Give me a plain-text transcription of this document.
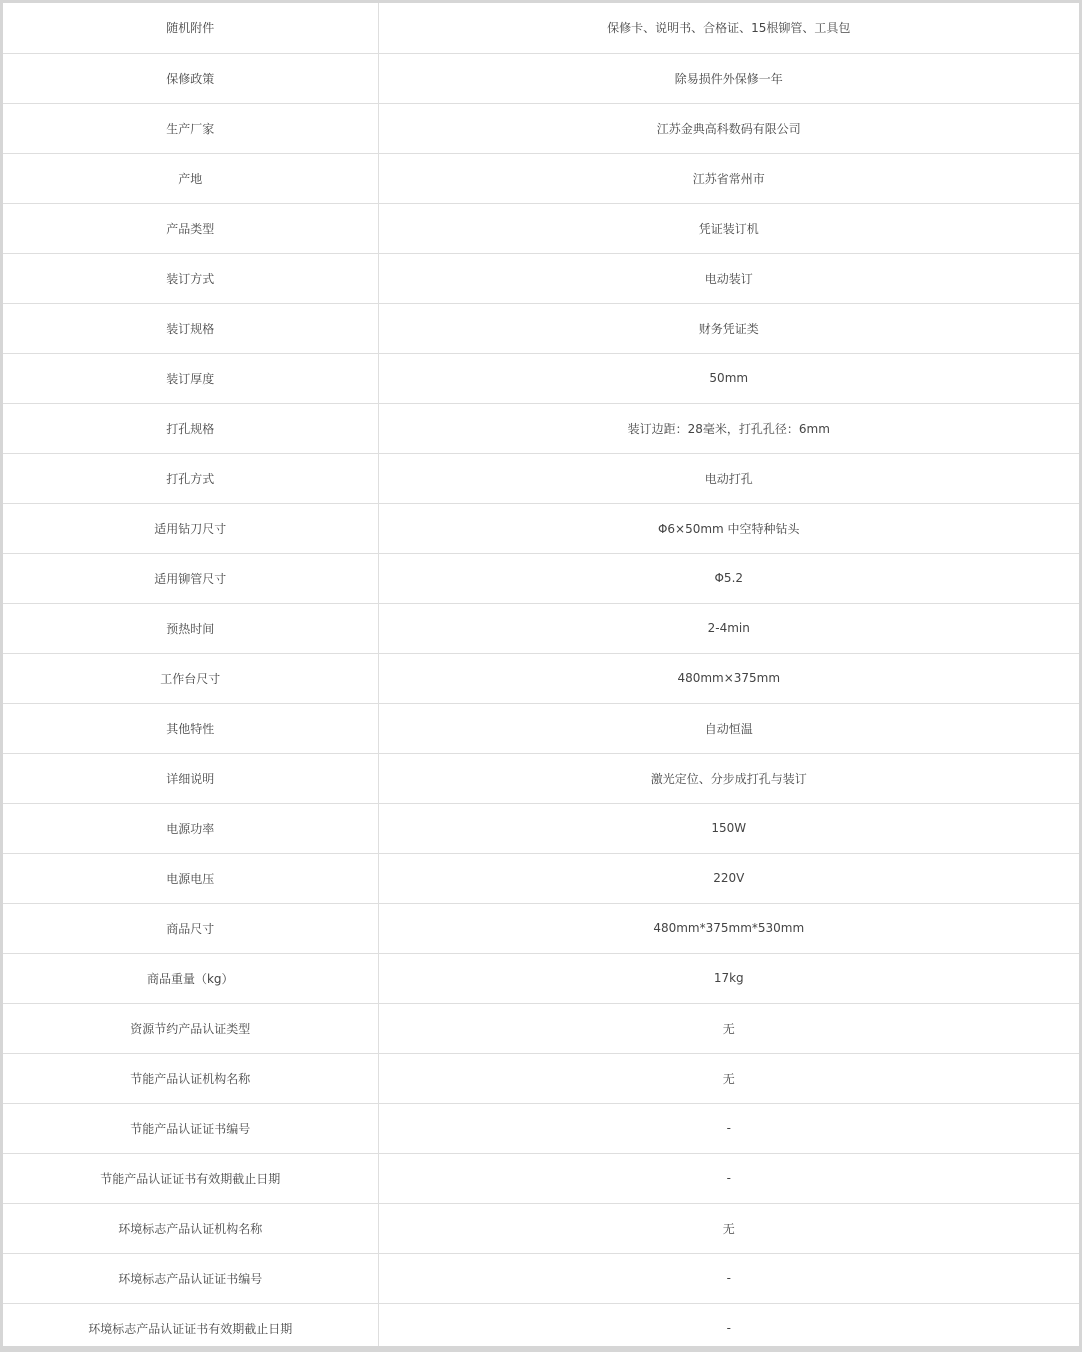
随机附件	保修卡、说明书、合格证、15根铆管、工具包
保修政策	除易损件外保修一年
生产厂家	江苏金典高科数码有限公司
产地	江苏省常州市
产品类型	凭证装订机
装订方式	电动装订
装订规格	财务凭证类
装订厚度	50mm
打孔规格	装订边距：28毫米，打孔孔径：6mm
打孔方式	电动打孔
适用钻刀尺寸	Φ6×50mm 中空特种钻头
适用铆管尺寸	Φ5.2
预热时间	2-4min
工作台尺寸	480mm×375mm
其他特性	自动恒温
详细说明	激光定位、分步成打孔与装订
电源功率	150W
电源电压	220V
商品尺寸	480mm*375mm*530mm
商品重量（kg）	17kg
资源节约产品认证类型	无
节能产品认证机构名称	无
节能产品认证证书编号	-
节能产品认证证书有效期截止日期	-
环境标志产品认证机构名称	无
环境标志产品认证证书编号	-
环境标志产品认证证书有效期截止日期	-
